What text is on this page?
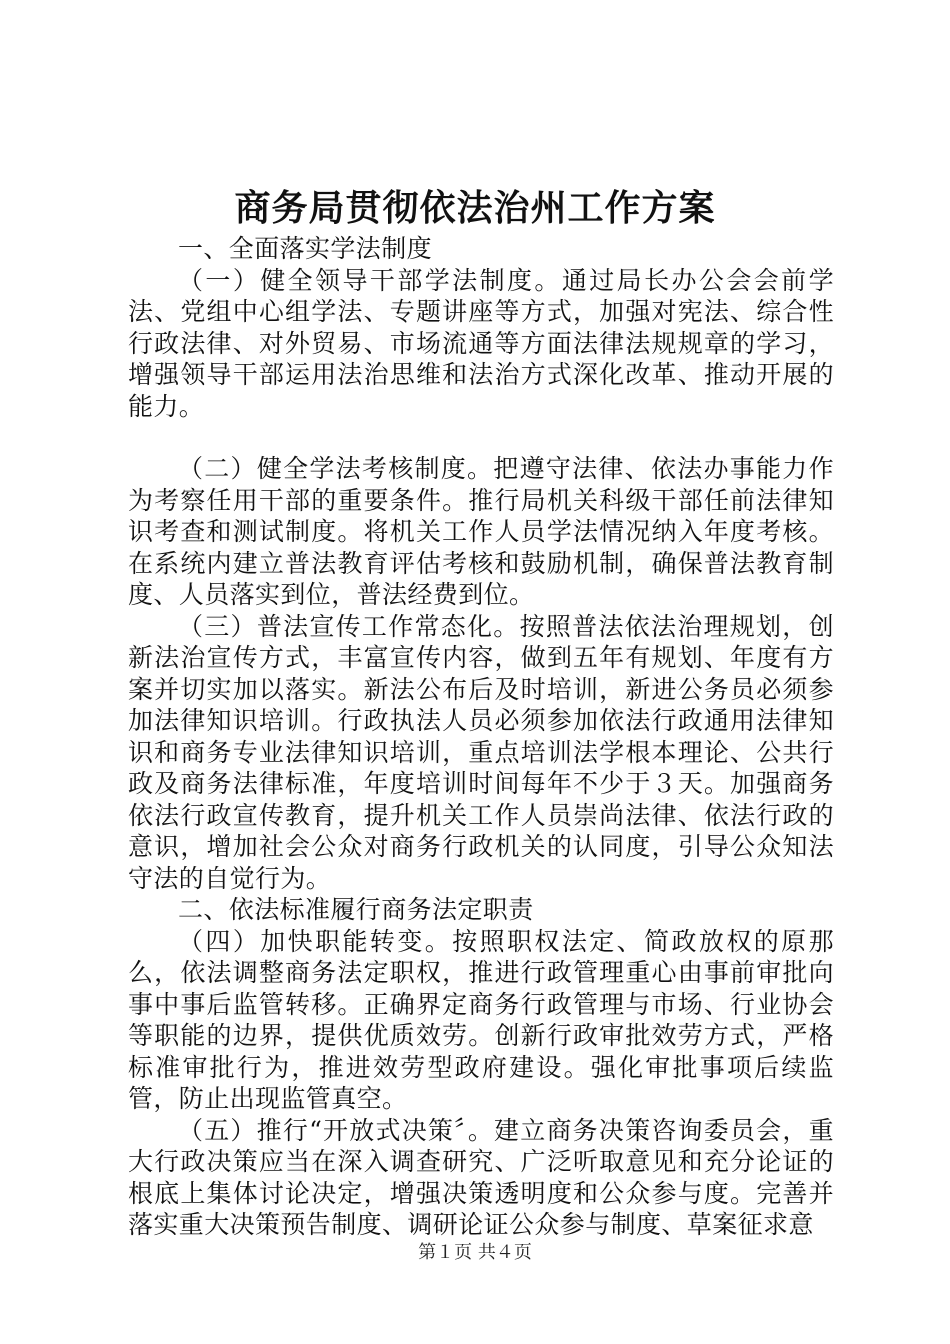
商务局贯彻依法治州工作方案

一、全面落实学法制度

（一）健全领导干部学法制度。通过局长办公会会前学法、党组中心组学法、专题讲座等方式，加强对宪法、综合性行政法律、对外贸易、市场流通等方面法律法规规章的学习，增强领导干部运用法治思维和法治方式深化改革、推动开展的能力。

（二）健全学法考核制度。把遵守法律、依法办事能力作为考察任用干部的重要条件。推行局机关科级干部任前法律知识考查和测试制度。将机关工作人员学法情况纳入年度考核。在系统内建立普法教育评估考核和鼓励机制，确保普法教育制度、人员落实到位，普法经费到位。

（三）普法宣传工作常态化。按照普法依法治理规划，创新法治宣传方式，丰富宣传内容，做到五年有规划、年度有方案并切实加以落实。新法公布后及时培训，新进公务员必须参加法律知识培训。行政执法人员必须参加依法行政通用法律知识和商务专业法律知识培训，重点培训法学根本理论、公共行政及商务法律标准，年度培训时间每年不少于３天。加强商务依法行政宣传教育，提升机关工作人员崇尚法律、依法行政的意识，增加社会公众对商务行政机关的认同度，引导公众知法守法的自觉行为。

二、依法标准履行商务法定职责

（四）加快职能转变。按照职权法定、简政放权的原那么，依法调整商务法定职权，推进行政管理重心由事前审批向事中事后监管转移。正确界定商务行政管理与市场、行业协会等职能的边界，提供优质效劳。创新行政审批效劳方式，严格标准审批行为，推进效劳型政府建设。强化审批事项后续监管，防止出现监管真空。

（五）推行“开放式决策〞。建立商务决策咨询委员会，重大行政决策应当在深入调查研究、广泛听取意见和充分论证的根底上集体讨论决定，增强决策透明度和公众参与度。完善并落实重大决策预告制度、调研论证公众参与制度、草案征求意

第１页 共４页
